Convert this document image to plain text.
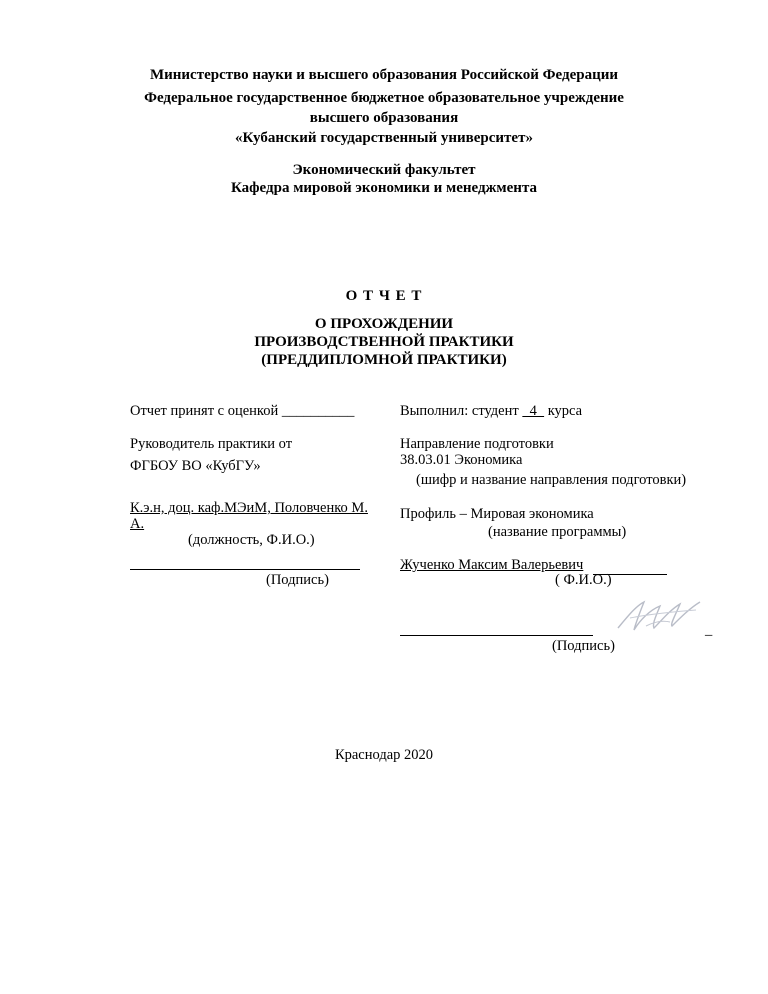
Министерство науки и высшего образования Российской Федерации
Федеральное государственное бюджетное образовательное учреждение
высшего образования
«Кубанский государственный университет»
Экономический факультет
Кафедра мировой экономики и менеджмента
О Т Ч Е Т
О ПРОХОЖДЕНИИ
ПРОИЗВОДСТВЕННОЙ ПРАКТИКИ
(ПРЕДДИПЛОМНОЙ ПРАКТИКИ)
Отчет принят с оценкой __________
Руководитель практики от
ФГБОУ ВО «КубГУ»
К.э.н, доц. каф.МЭиМ, Половченко М.
А.
(должность, Ф.И.О.)
(Подпись)
Выполнил: студент   4   курса
Направление подготовки
38.03.01 Экономика
(шифр и название направления подготовки)
Профиль – Мировая экономика
(название программы)
Жученко Максим Валерьевич
( Ф.И.О.)
_
(Подпись)
Краснодар 2020
